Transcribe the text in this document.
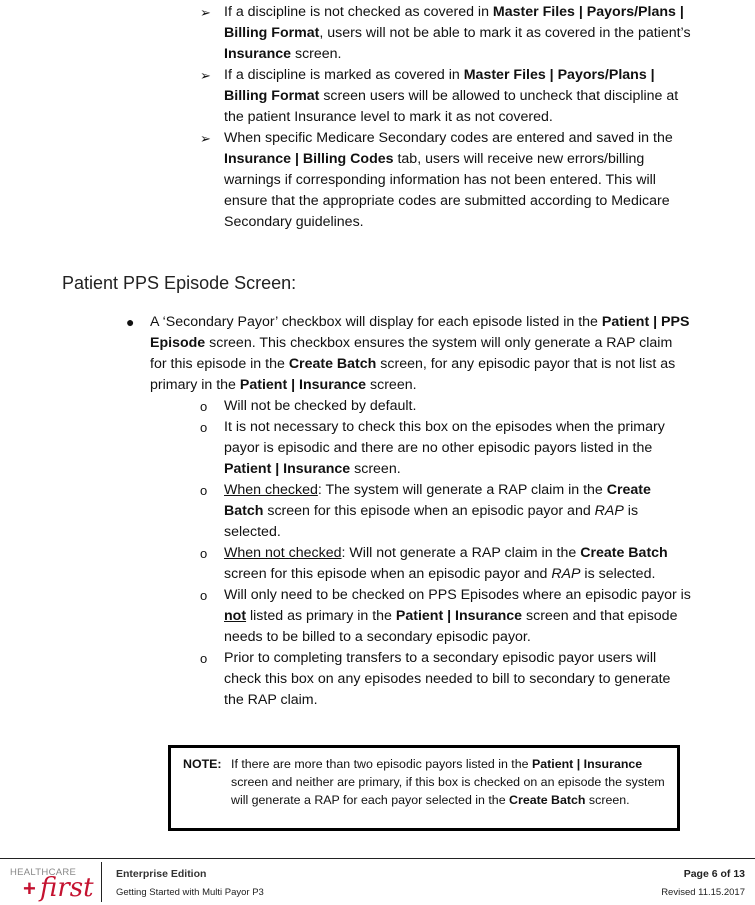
➢ If a discipline is not checked as covered in Master Files | Payors/Plans | Billing Format, users will not be able to mark it as covered in the patient’s Insurance screen.
➢ If a discipline is marked as covered in Master Files | Payors/Plans | Billing Format screen users will be allowed to uncheck that discipline at the patient Insurance level to mark it as not covered.
➢ When specific Medicare Secondary codes are entered and saved in the Insurance | Billing Codes tab, users will receive new errors/billing warnings if corresponding information has not been entered. This will ensure that the appropriate codes are submitted according to Medicare Secondary guidelines.
Patient PPS Episode Screen:
● A ‘Secondary Payor’ checkbox will display for each episode listed in the Patient | PPS Episode screen. This checkbox ensures the system will only generate a RAP claim for this episode in the Create Batch screen, for any episodic payor that is not list as primary in the Patient | Insurance screen.
o Will not be checked by default.
o It is not necessary to check this box on the episodes when the primary payor is episodic and there are no other episodic payors listed in the Patient | Insurance screen.
o When checked: The system will generate a RAP claim in the Create Batch screen for this episode when an episodic payor and RAP is selected.
o When not checked: Will not generate a RAP claim in the Create Batch screen for this episode when an episodic payor and RAP is selected.
o Will only need to be checked on PPS Episodes where an episodic payor is not listed as primary in the Patient | Insurance screen and that episode needs to be billed to a secondary episodic payor.
o Prior to completing transfers to a secondary episodic payor users will check this box on any episodes needed to bill to secondary to generate the RAP claim.
NOTE: If there are more than two episodic payors listed in the Patient | Insurance screen and neither are primary, if this box is checked on an episode the system will generate a RAP for each payor selected in the Create Batch screen.
HEALTHCARE
+ first Enterprise Edition
Getting Started with Multi Payor P3
Page 6 of 13
Revised 11.15.2017
